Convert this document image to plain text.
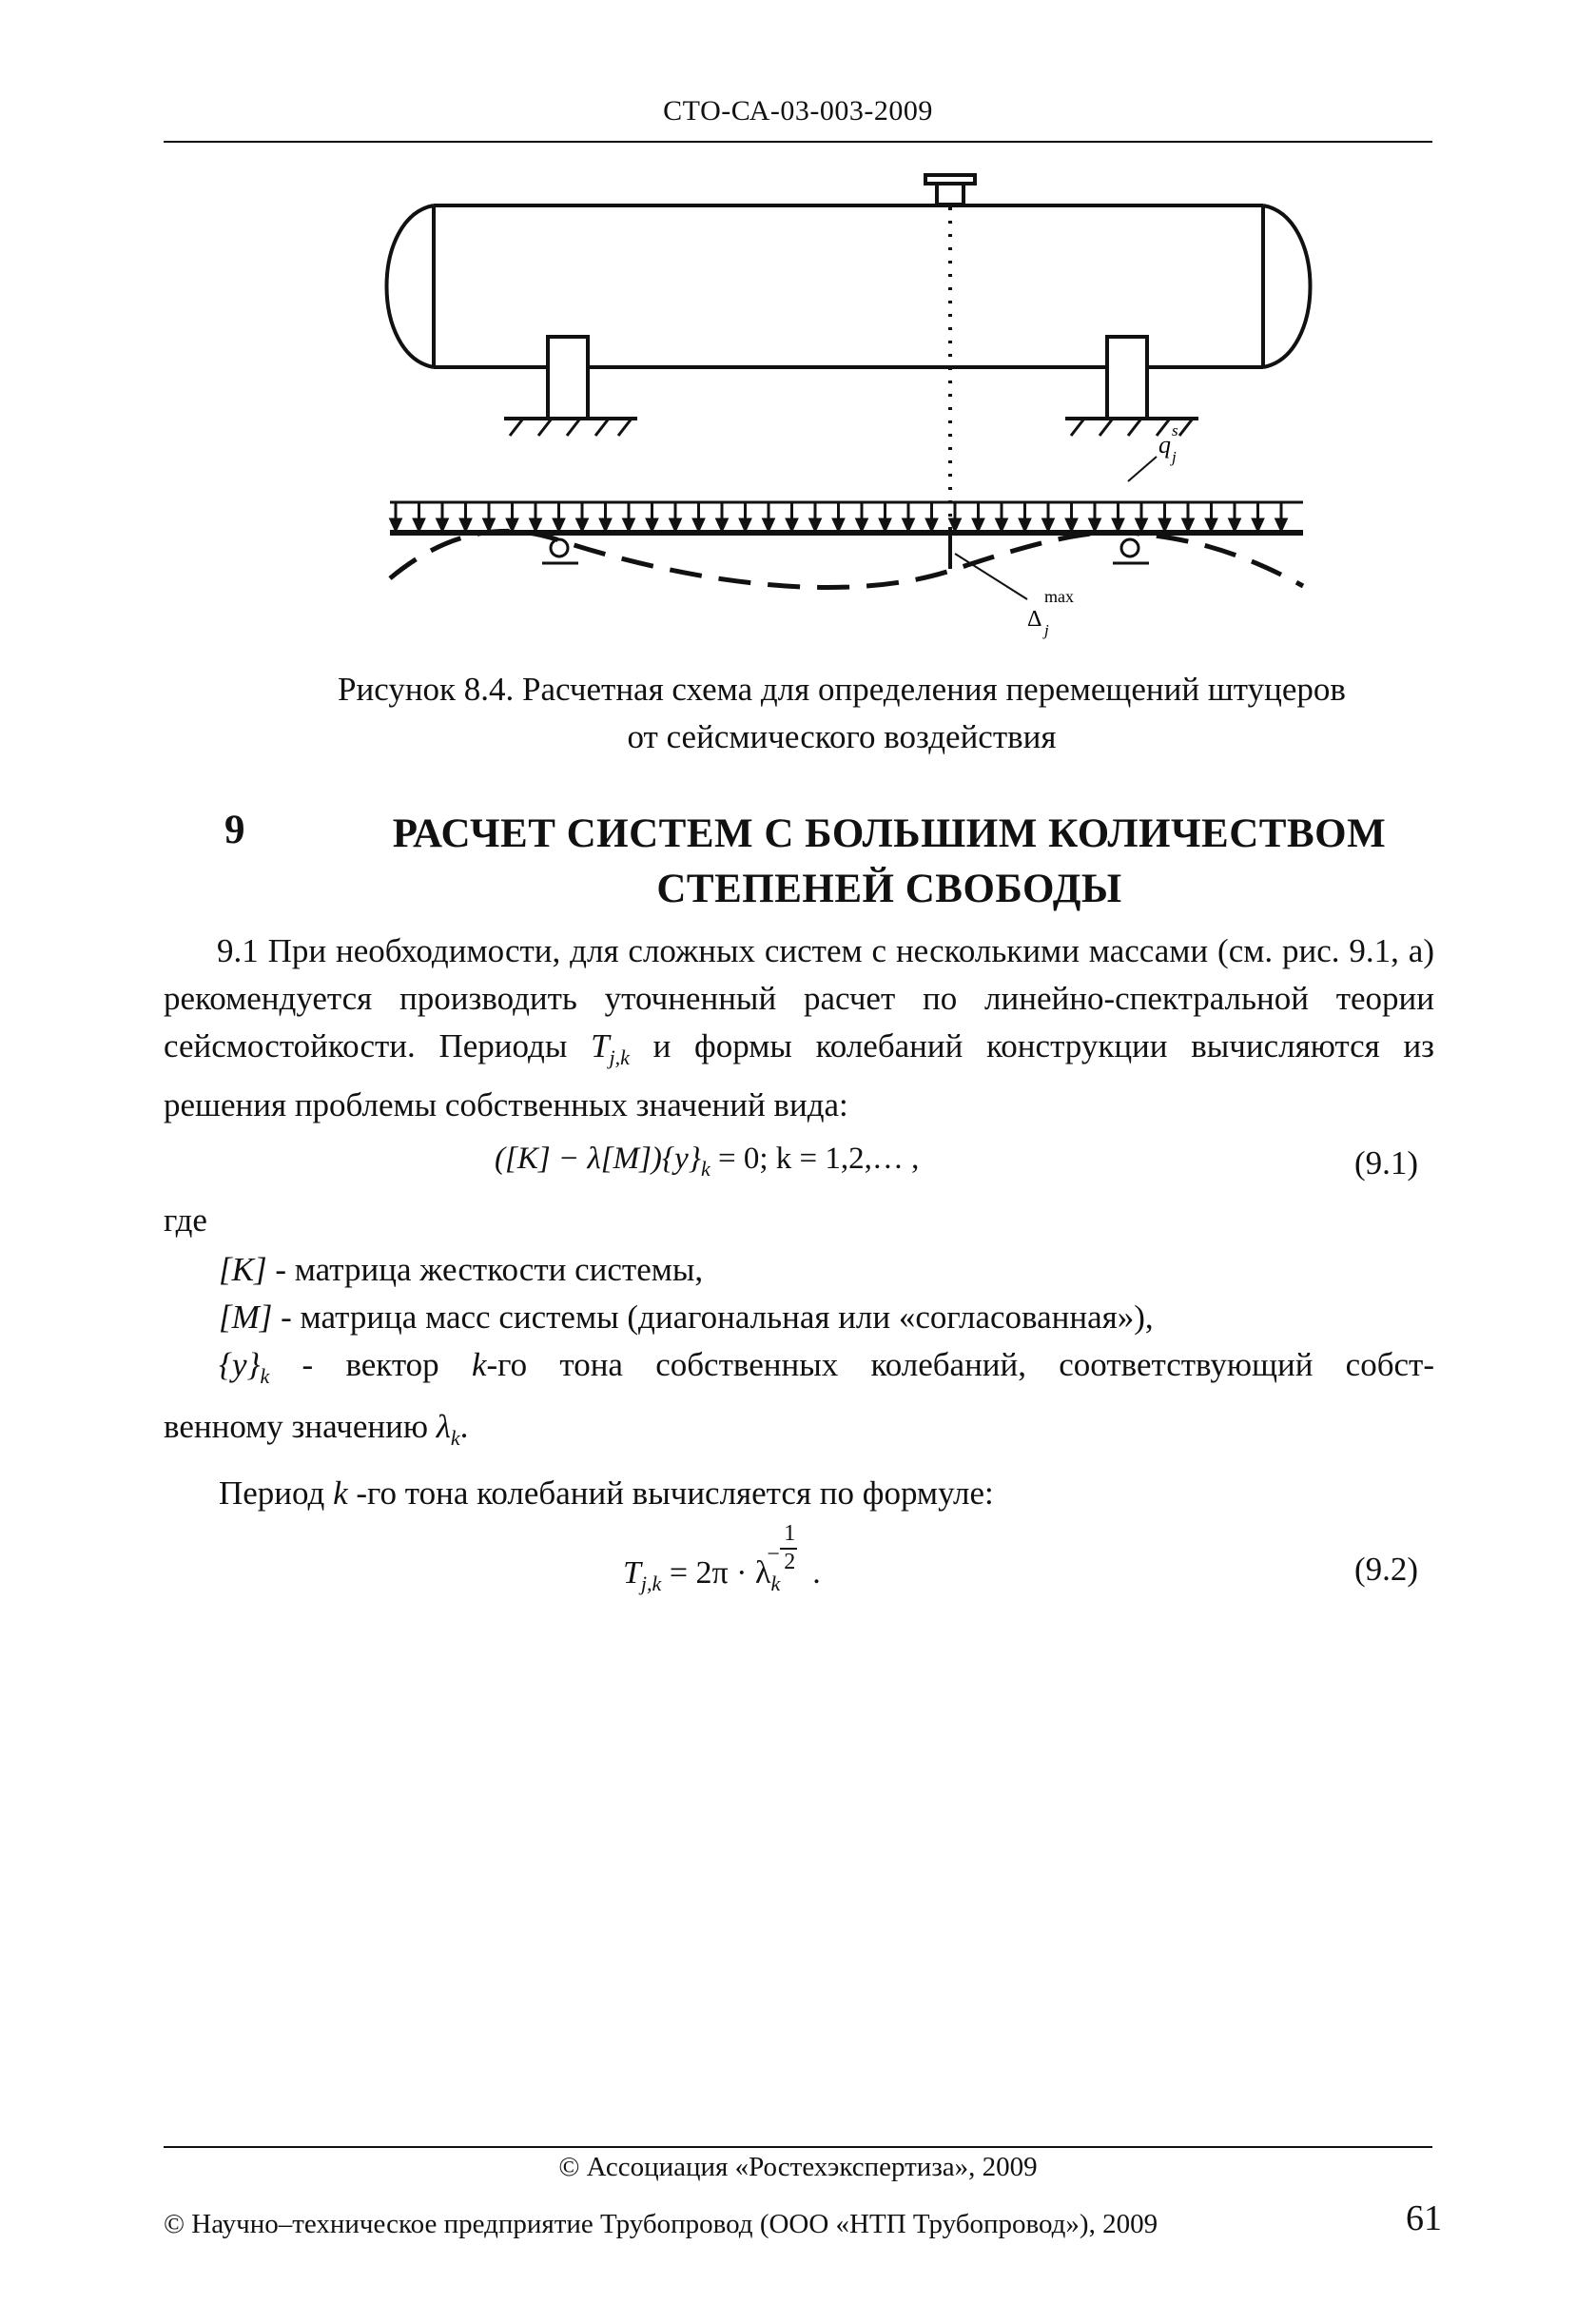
СТО-СА-03-003-2009
q
s
j
Δ
max
j
Рисунок 8.4. Расчетная схема для определения перемещений штуцеров
от сейсмического воздействия
9	РАСЧЕТ СИСТЕМ С БОЛЬШИМ КОЛИЧЕСТВОМ
СТЕПЕНЕЙ СВОБОДЫ
9.1 При необходимости, для сложных систем с несколькими массами (см. рис. 9.1, а) рекомендуется производить уточненный расчет по линейно-спектральной теории сейсмостойкости. Периоды $T_{j,k}$ и формы колебаний конструкции вычисляются из решения проблемы собственных значений вида:
$([K] - \lambda[M])\{y\}_k = 0$; k = 1,2,… ,	(9.1)
где
[K] - матрица жесткости системы,
[M] - матрица масс системы (диагональная или «согласованная»),
$\{y\}_k$ - вектор k-го тона собственных колебаний, соответствующий собст-
венному значению $\lambda_k$.
Период k -го тона колебаний вычисляется по формуле:
$T_{j,k} = 2\pi \cdot \lambda_k$
−
1
2 .	(9.2)
© Ассоциация «Ростехэкспертиза», 2009
© Научно–техническое предприятие Трубопровод (ООО «НТП Трубопровод»), 2009	61
